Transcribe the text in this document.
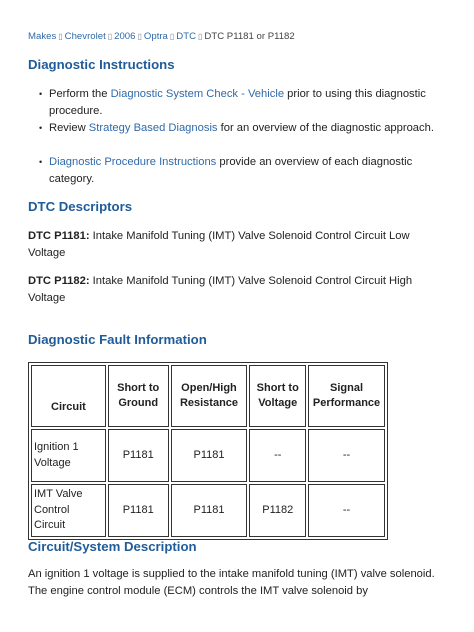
Makes ▯ Chevrolet ▯ 2006 ▯ Optra ▯ DTC ▯ DTC P1181 or P1182
Diagnostic Instructions
• Perform the Diagnostic System Check - Vehicle prior to using this diagnostic procedure.
• Review Strategy Based Diagnosis for an overview of the diagnostic approach.
• Diagnostic Procedure Instructions provide an overview of each diagnostic category.
DTC Descriptors
DTC P1181: Intake Manifold Tuning (IMT) Valve Solenoid Control Circuit Low Voltage
DTC P1182: Intake Manifold Tuning (IMT) Valve Solenoid Control Circuit High Voltage
Diagnostic Fault Information
Circuit	Short to Ground	Open/High Resistance	Short to Voltage	Signal Performance
Ignition 1 Voltage	P1181	P1181	--	--
IMT Valve Control Circuit	P1181	P1181	P1182	--
Circuit/System Description
An ignition 1 voltage is supplied to the intake manifold tuning (IMT) valve solenoid. The engine control module (ECM) controls the IMT valve solenoid by
